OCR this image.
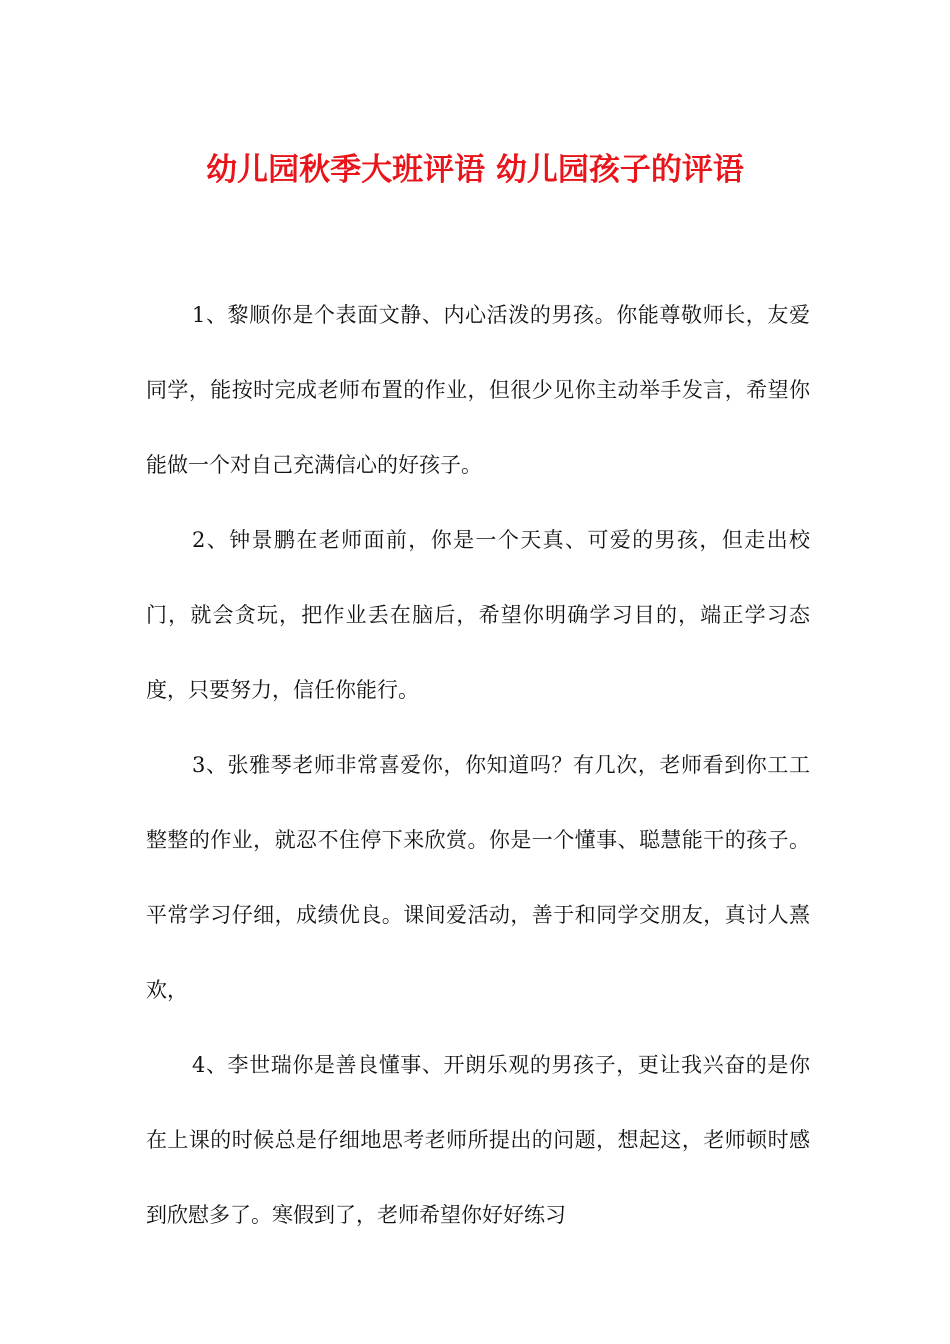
幼儿园秋季大班评语 幼儿园孩子的评语

1、黎顺你是个表面文静、内心活泼的男孩。你能尊敬师长，友爱同学，能按时完成老师布置的作业，但很少见你主动举手发言，希望你能做一个对自己充满信心的好孩子。

2、钟景鹏在老师面前，你是一个天真、可爱的男孩，但走出校门，就会贪玩，把作业丢在脑后，希望你明确学习目的，端正学习态度，只要努力，信任你能行。

3、张雅琴老师非常喜爱你，你知道吗？有几次，老师看到你工工整整的作业，就忍不住停下来欣赏。你是一个懂事、聪慧能干的孩子。平常学习仔细，成绩优良。课间爱活动，善于和同学交朋友，真讨人熹欢，

4、李世瑞你是善良懂事、开朗乐观的男孩子，更让我兴奋的是你在上课的时候总是仔细地思考老师所提出的问题，想起这，老师顿时感到欣慰多了。寒假到了，老师希望你好好练习
